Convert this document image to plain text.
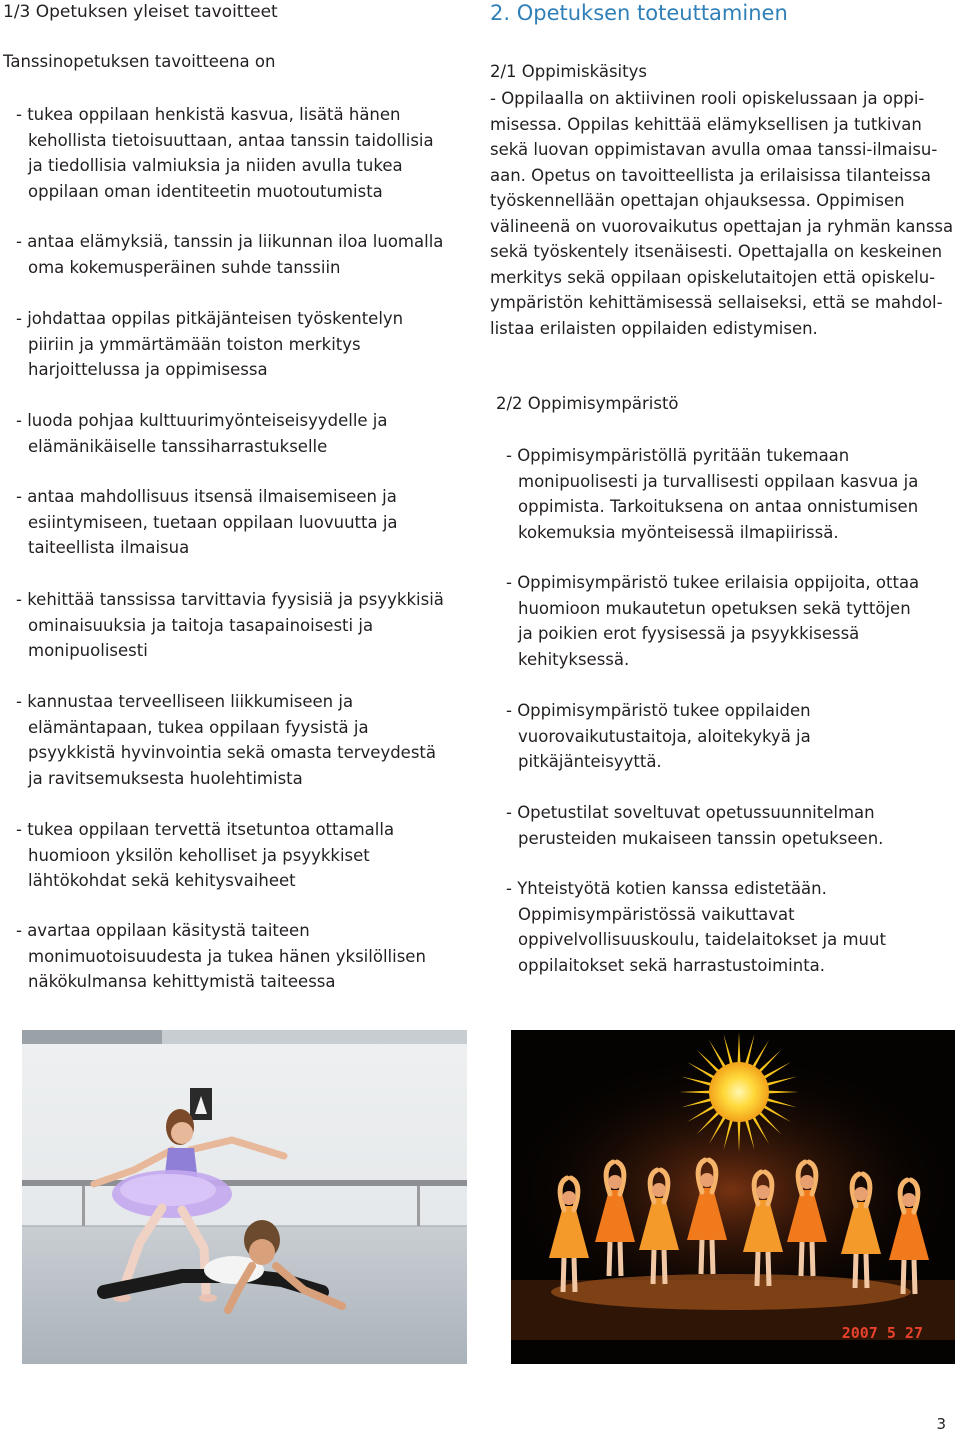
1/3 Opetuksen yleiset tavoitteet

Tanssinopetuksen tavoitteena on

- tukea oppilaan henkistä kasvua, lisätä hänen
kehollista tietoisuuttaan, antaa tanssin taidollisia
ja tiedollisia valmiuksia ja niiden avulla tukea
oppilaan oman identiteetin muotoutumista

- antaa elämyksiä, tanssin ja liikunnan iloa luomalla
oma kokemusperäinen suhde tanssiin

- johdattaa oppilas pitkäjänteisen työskentelyn
piiriin ja ymmärtämään toiston merkitys
harjoittelussa ja oppimisessa

- luoda pohjaa kulttuurimyönteiseisyydelle ja
elämänikäiselle tanssiharrastukselle

- antaa mahdollisuus itsensä ilmaisemiseen ja
esiintymiseen, tuetaan oppilaan luovuutta ja
taiteellista ilmaisua

- kehittää tanssissa tarvittavia fyysisiä ja psyykkisiä
ominaisuuksia ja taitoja tasapainoisesti ja
monipuolisesti

- kannustaa terveelliseen liikkumiseen ja
elämäntapaan, tukea oppilaan fyysistä ja
psyykkistä hyvinvointia sekä omasta terveydestä
ja ravitsemuksesta huolehtimista

- tukea oppilaan tervettä itsetuntoa ottamalla
huomioon yksilön keholliset ja psyykkiset
lähtökohdat sekä kehitysvaiheet

- avartaa oppilaan käsitystä taiteen
monimuotoisuudesta ja tukea hänen yksilöllisen
näkökulmansa kehittymistä taiteessa

2. Opetuksen toteuttaminen
2/1 Oppimiskäsitys

- Oppilaalla on aktiivinen rooli opiskelussaan ja oppi-
misessa. Oppilas kehittää elämyksellisen ja tutkivan
sekä luovan oppimistavan avulla omaa tanssi-ilmaisu-
aan. Opetus on tavoitteellista ja erilaisissa tilanteissa
työskennellään opettajan ohjauksessa. Oppimisen
välineenä on vuorovaikutus opettajan ja ryhmän kanssa
sekä työskentely itsenäisesti. Opettajalla on keskeinen
merkitys sekä oppilaan opiskelutaitojen että opiskelu-
ympäristön kehittämisessä sellaiseksi, että se mahdol-
listaa erilaisten oppilaiden edistymisen.

2/2 Oppimisympäristö

- Oppimisympäristöllä pyritään tukemaan
monipuolisesti ja turvallisesti oppilaan kasvua ja
oppimista. Tarkoituksena on antaa onnistumisen
kokemuksia myönteisessä ilmapiirissä.

- Oppimisympäristö tukee erilaisia oppijoita, ottaa
huomioon mukautetun opetuksen sekä tyttöjen
ja poikien erot fyysisessä ja psyykkisessä
kehityksessä.

- Oppimisympäristö tukee oppilaiden
vuorovaikutustaitoja, aloitekykyä ja
pitkäjänteisyyttä.

- Opetustilat soveltuvat opetussuunnitelman
perusteiden mukaiseen tanssin opetukseen.

- Yhteistyötä kotien kanssa edistetään.
Oppimisympäristössä vaikuttavat
oppivelvollisuuskoulu, taidelaitokset ja muut
oppilaitokset sekä harrastustoiminta.

2007 5 27
3
